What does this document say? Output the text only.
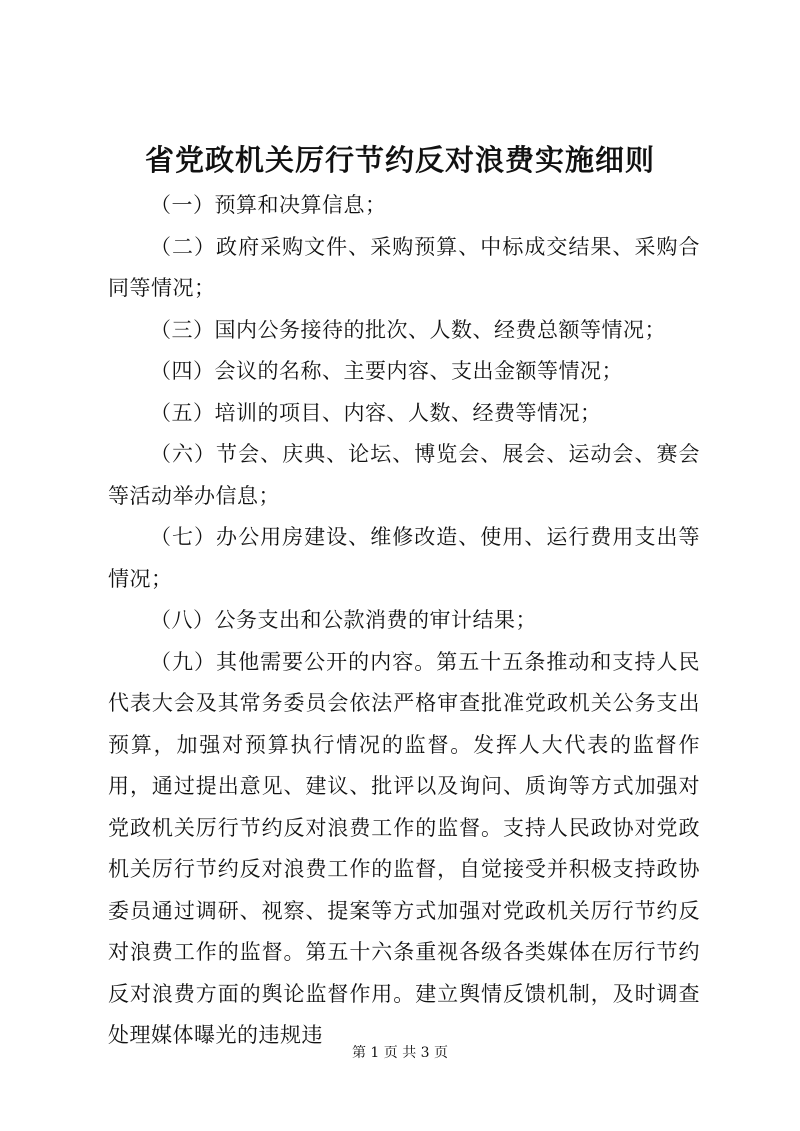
省党政机关厉行节约反对浪费实施细则

（一）预算和决算信息；

（二）政府采购文件、采购预算、中标成交结果、采购合同等情况；

（三）国内公务接待的批次、人数、经费总额等情况；

（四）会议的名称、主要内容、支出金额等情况；

（五）培训的项目、内容、人数、经费等情况；

（六）节会、庆典、论坛、博览会、展会、运动会、赛会等活动举办信息；

（七）办公用房建设、维修改造、使用、运行费用支出等情况；

（八）公务支出和公款消费的审计结果；

（九）其他需要公开的内容。第五十五条推动和支持人民代表大会及其常务委员会依法严格审查批准党政机关公务支出预算，加强对预算执行情况的监督。发挥人大代表的监督作用，通过提出意见、建议、批评以及询问、质询等方式加强对党政机关厉行节约反对浪费工作的监督。支持人民政协对党政机关厉行节约反对浪费工作的监督，自觉接受并积极支持政协委员通过调研、视察、提案等方式加强对党政机关厉行节约反对浪费工作的监督。第五十六条重视各级各类媒体在厉行节约反对浪费方面的舆论监督作用。建立舆情反馈机制，及时调查处理媒体曝光的违规违

第 1 页 共 3 页
